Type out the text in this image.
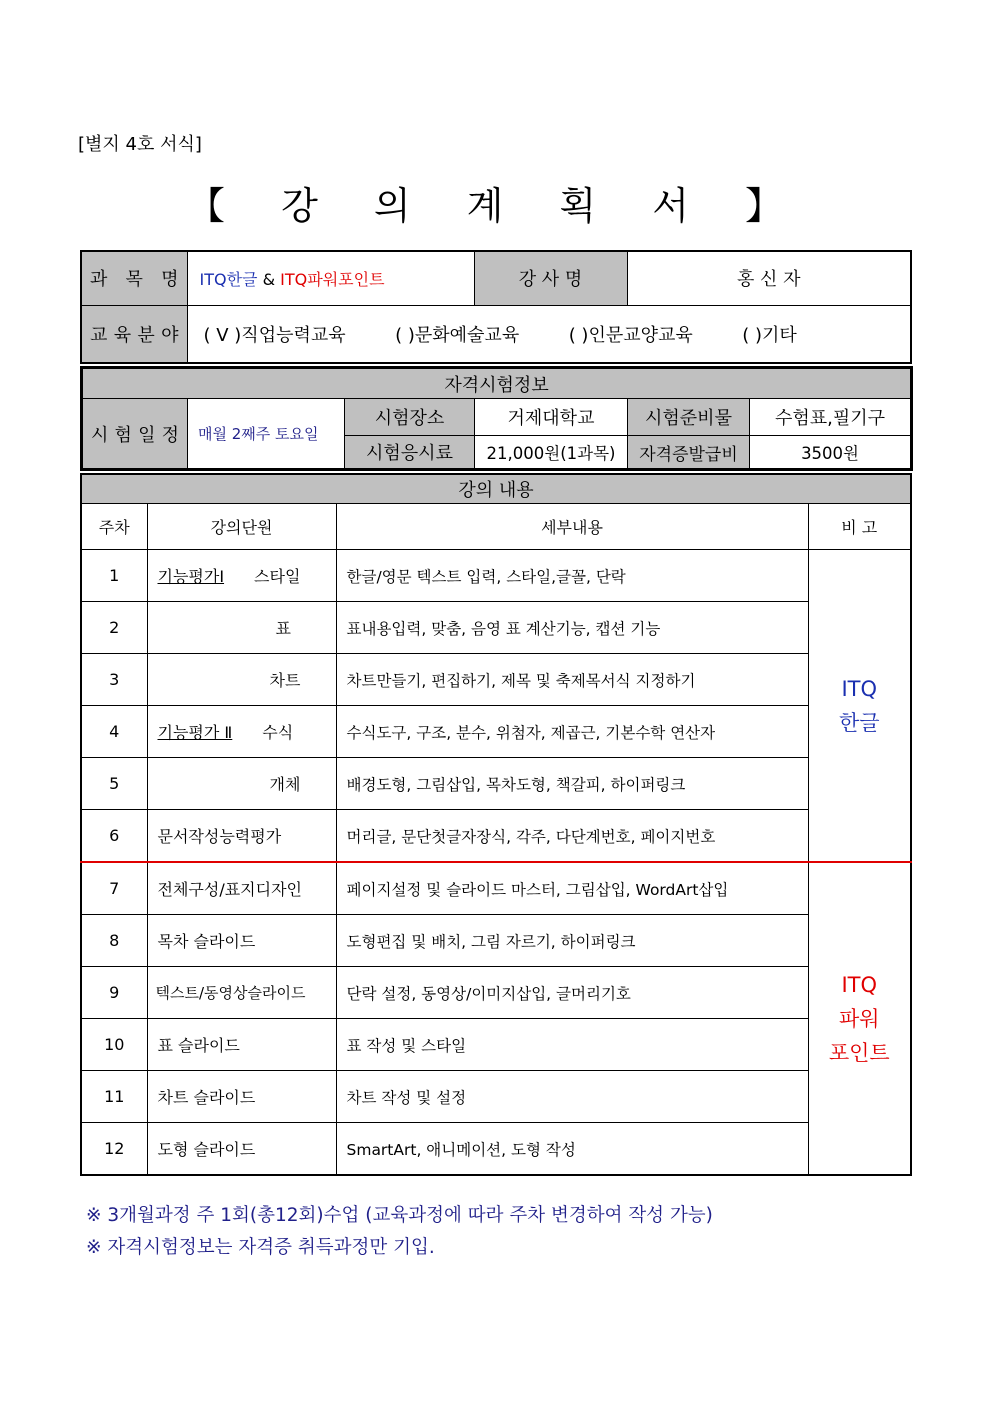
[별지 4호 서식]
【 강 의 계 획 서 】
과 목 명	ITQ한글 & ITQ파워포인트	강 사 명	홍 신 자
교 육 분 야	( V )직업능력교육 ( )문화예술교육 ( )인문교양교육 ( )기타		
자격시험정보					
시 험 일 정	매월 2째주 토요일	시험장소	거제대학교	시험준비물	수험표,필기구
		시험응시료	21,000원(1과목)	자격증발급비	3500원
강의 내용			
주차	강의단원	세부내용	비 고
1	기능평가Ⅰ 스타일	한글/영문 텍스트 입력, 스타일,글꼴, 단락	ITQ
한글

2	표	표내용입력, 맞춤, 음영 표 계산기능, 캡션 기능	
3	차트	차트만들기, 편집하기, 제목 및 축제목서식 지정하기	
4	기능평가 Ⅱ 수식	수식도구, 구조, 분수, 위첨자, 제곱근, 기본수학 연산자	
5	개체	배경도형, 그림삽입, 목차도형, 책갈피, 하이퍼링크	
6	문서작성능력평가	머리글, 문단첫글자장식, 각주, 다단계번호, 페이지번호	
7	전체구성/표지디자인	페이지설정 및 슬라이드 마스터, 그림삽입, WordArt삽입	ITQ
파워
포인트

8	목차 슬라이드	도형편집 및 배치, 그림 자르기, 하이퍼링크	
9	텍스트/동영상슬라이드	단락 설정, 동영상/이미지삽입, 글머리기호	
10	표 슬라이드	표 작성 및 스타일	
11	차트 슬라이드	차트 작성 및 설정	
12	도형 슬라이드	SmartArt, 애니메이션, 도형 작성	
※ 3개월과정 주 1회(총12회)수업 (교육과정에 따라 주차 변경하여 작성 가능)
※ 자격시험정보는 자격증 취득과정만 기입.
